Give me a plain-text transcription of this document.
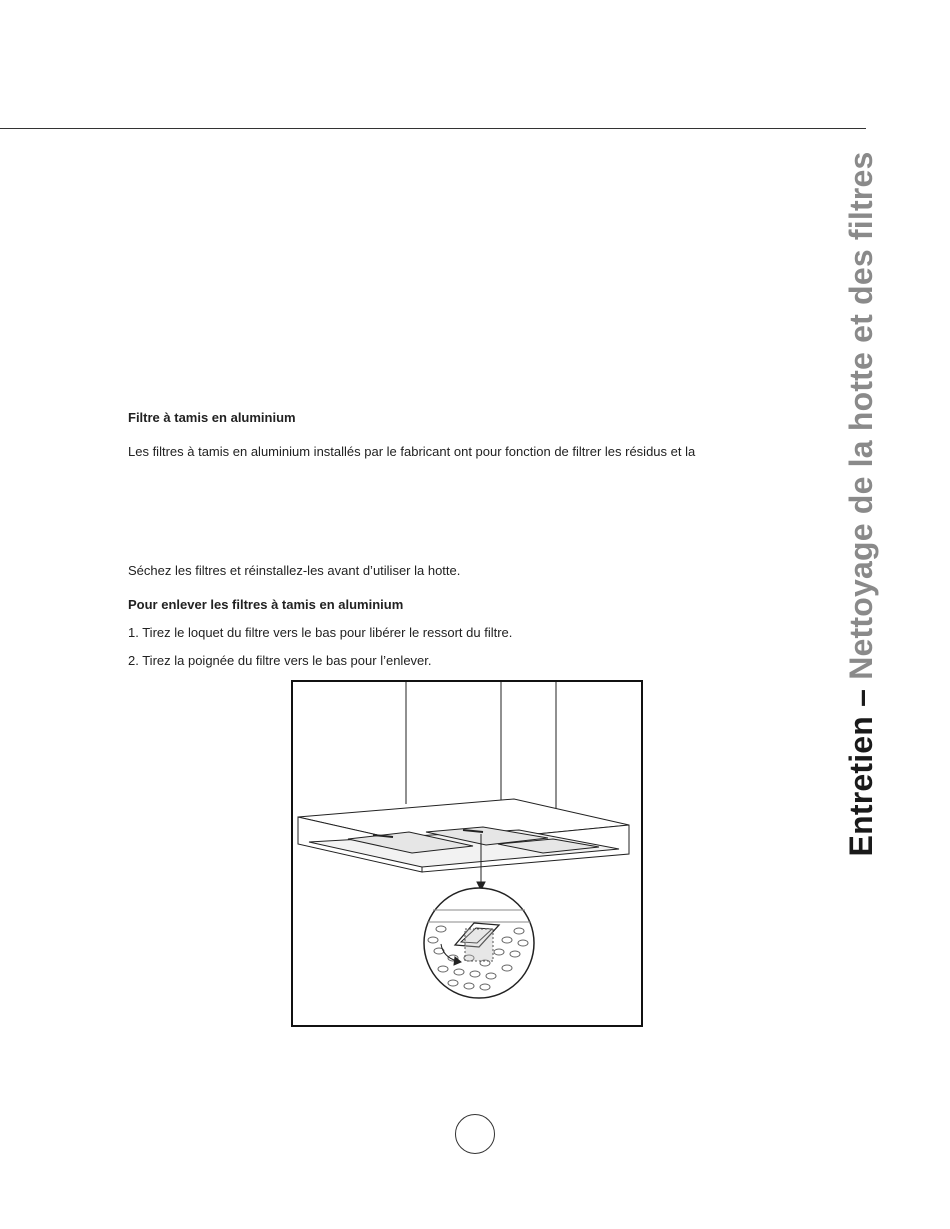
Entretien – Nettoyage de la hotte et des filtres
Filtre à tamis en aluminium
Les filtres à tamis en aluminium installés par le fabricant ont pour fonction de filtrer les résidus et la
Séchez les filtres et réinstallez-les avant d’utiliser la hotte.
Pour enlever les filtres à tamis en aluminium
1. Tirez le loquet du filtre vers le bas pour libérer le ressort du filtre.
2. Tirez la poignée du filtre vers le bas pour l’enlever.
